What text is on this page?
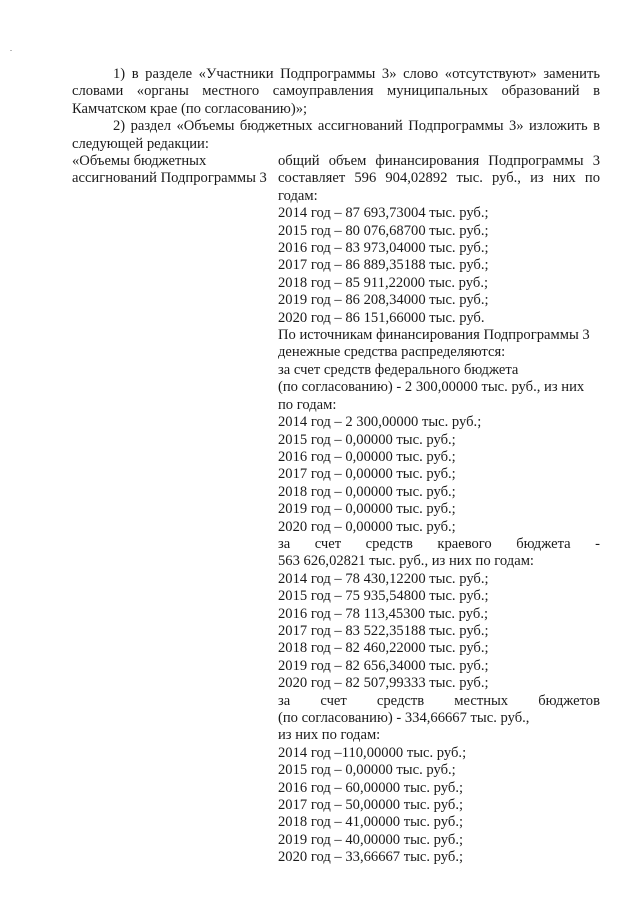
1) в разделе «Участники Подпрограммы 3» слово «отсутствуют» заменить словами «органы местного самоуправления муниципальных образований в Камчатском крае (по согласованию)»;

2) раздел «Объемы бюджетных ассигнований Подпрограммы 3» изложить в следующей редакции:

«Объемы бюджетных ассигнований Подпрограммы 3

общий объем финансирования Подпрограммы 3 составляет 596 904,02892 тыс. руб., из них по годам:
2014 год – 87 693,73004 тыс. руб.;
2015 год – 80 076,68700 тыс. руб.;
2016 год – 83 973,04000 тыс. руб.;
2017 год – 86 889,35188 тыс. руб.;
2018 год – 85 911,22000 тыс. руб.;
2019 год – 86 208,34000 тыс. руб.;
2020 год – 86 151,66000 тыс. руб.
По источникам финансирования Подпрограммы 3
денежные средства распределяются:
за счет средств федерального бюджета
(по согласованию) - 2 300,00000 тыс. руб., из них
по годам:
2014 год – 2 300,00000 тыс. руб.;
2015 год – 0,00000 тыс. руб.;
2016 год – 0,00000 тыс. руб.;
2017 год – 0,00000 тыс. руб.;
2018 год – 0,00000 тыс. руб.;
2019 год – 0,00000 тыс. руб.;
2020 год – 0,00000 тыс. руб.;
за счет средств краевого бюджета -
563 626,02821 тыс. руб., из них по годам:
2014 год – 78 430,12200 тыс. руб.;
2015 год – 75 935,54800 тыс. руб.;
2016 год – 78 113,45300 тыс. руб.;
2017 год – 83 522,35188 тыс. руб.;
2018 год – 82 460,22000 тыс. руб.;
2019 год – 82 656,34000 тыс. руб.;
2020 год – 82 507,99333 тыс. руб.;
за счет средств местных бюджетов
(по согласованию) - 334,66667 тыс. руб.,
из них по годам:
2014 год –110,00000 тыс. руб.;
2015 год – 0,00000 тыс. руб.;
2016 год – 60,00000 тыс. руб.;
2017 год – 50,00000 тыс. руб.;
2018 год – 41,00000 тыс. руб.;
2019 год – 40,00000 тыс. руб.;
2020 год – 33,66667 тыс. руб.;
